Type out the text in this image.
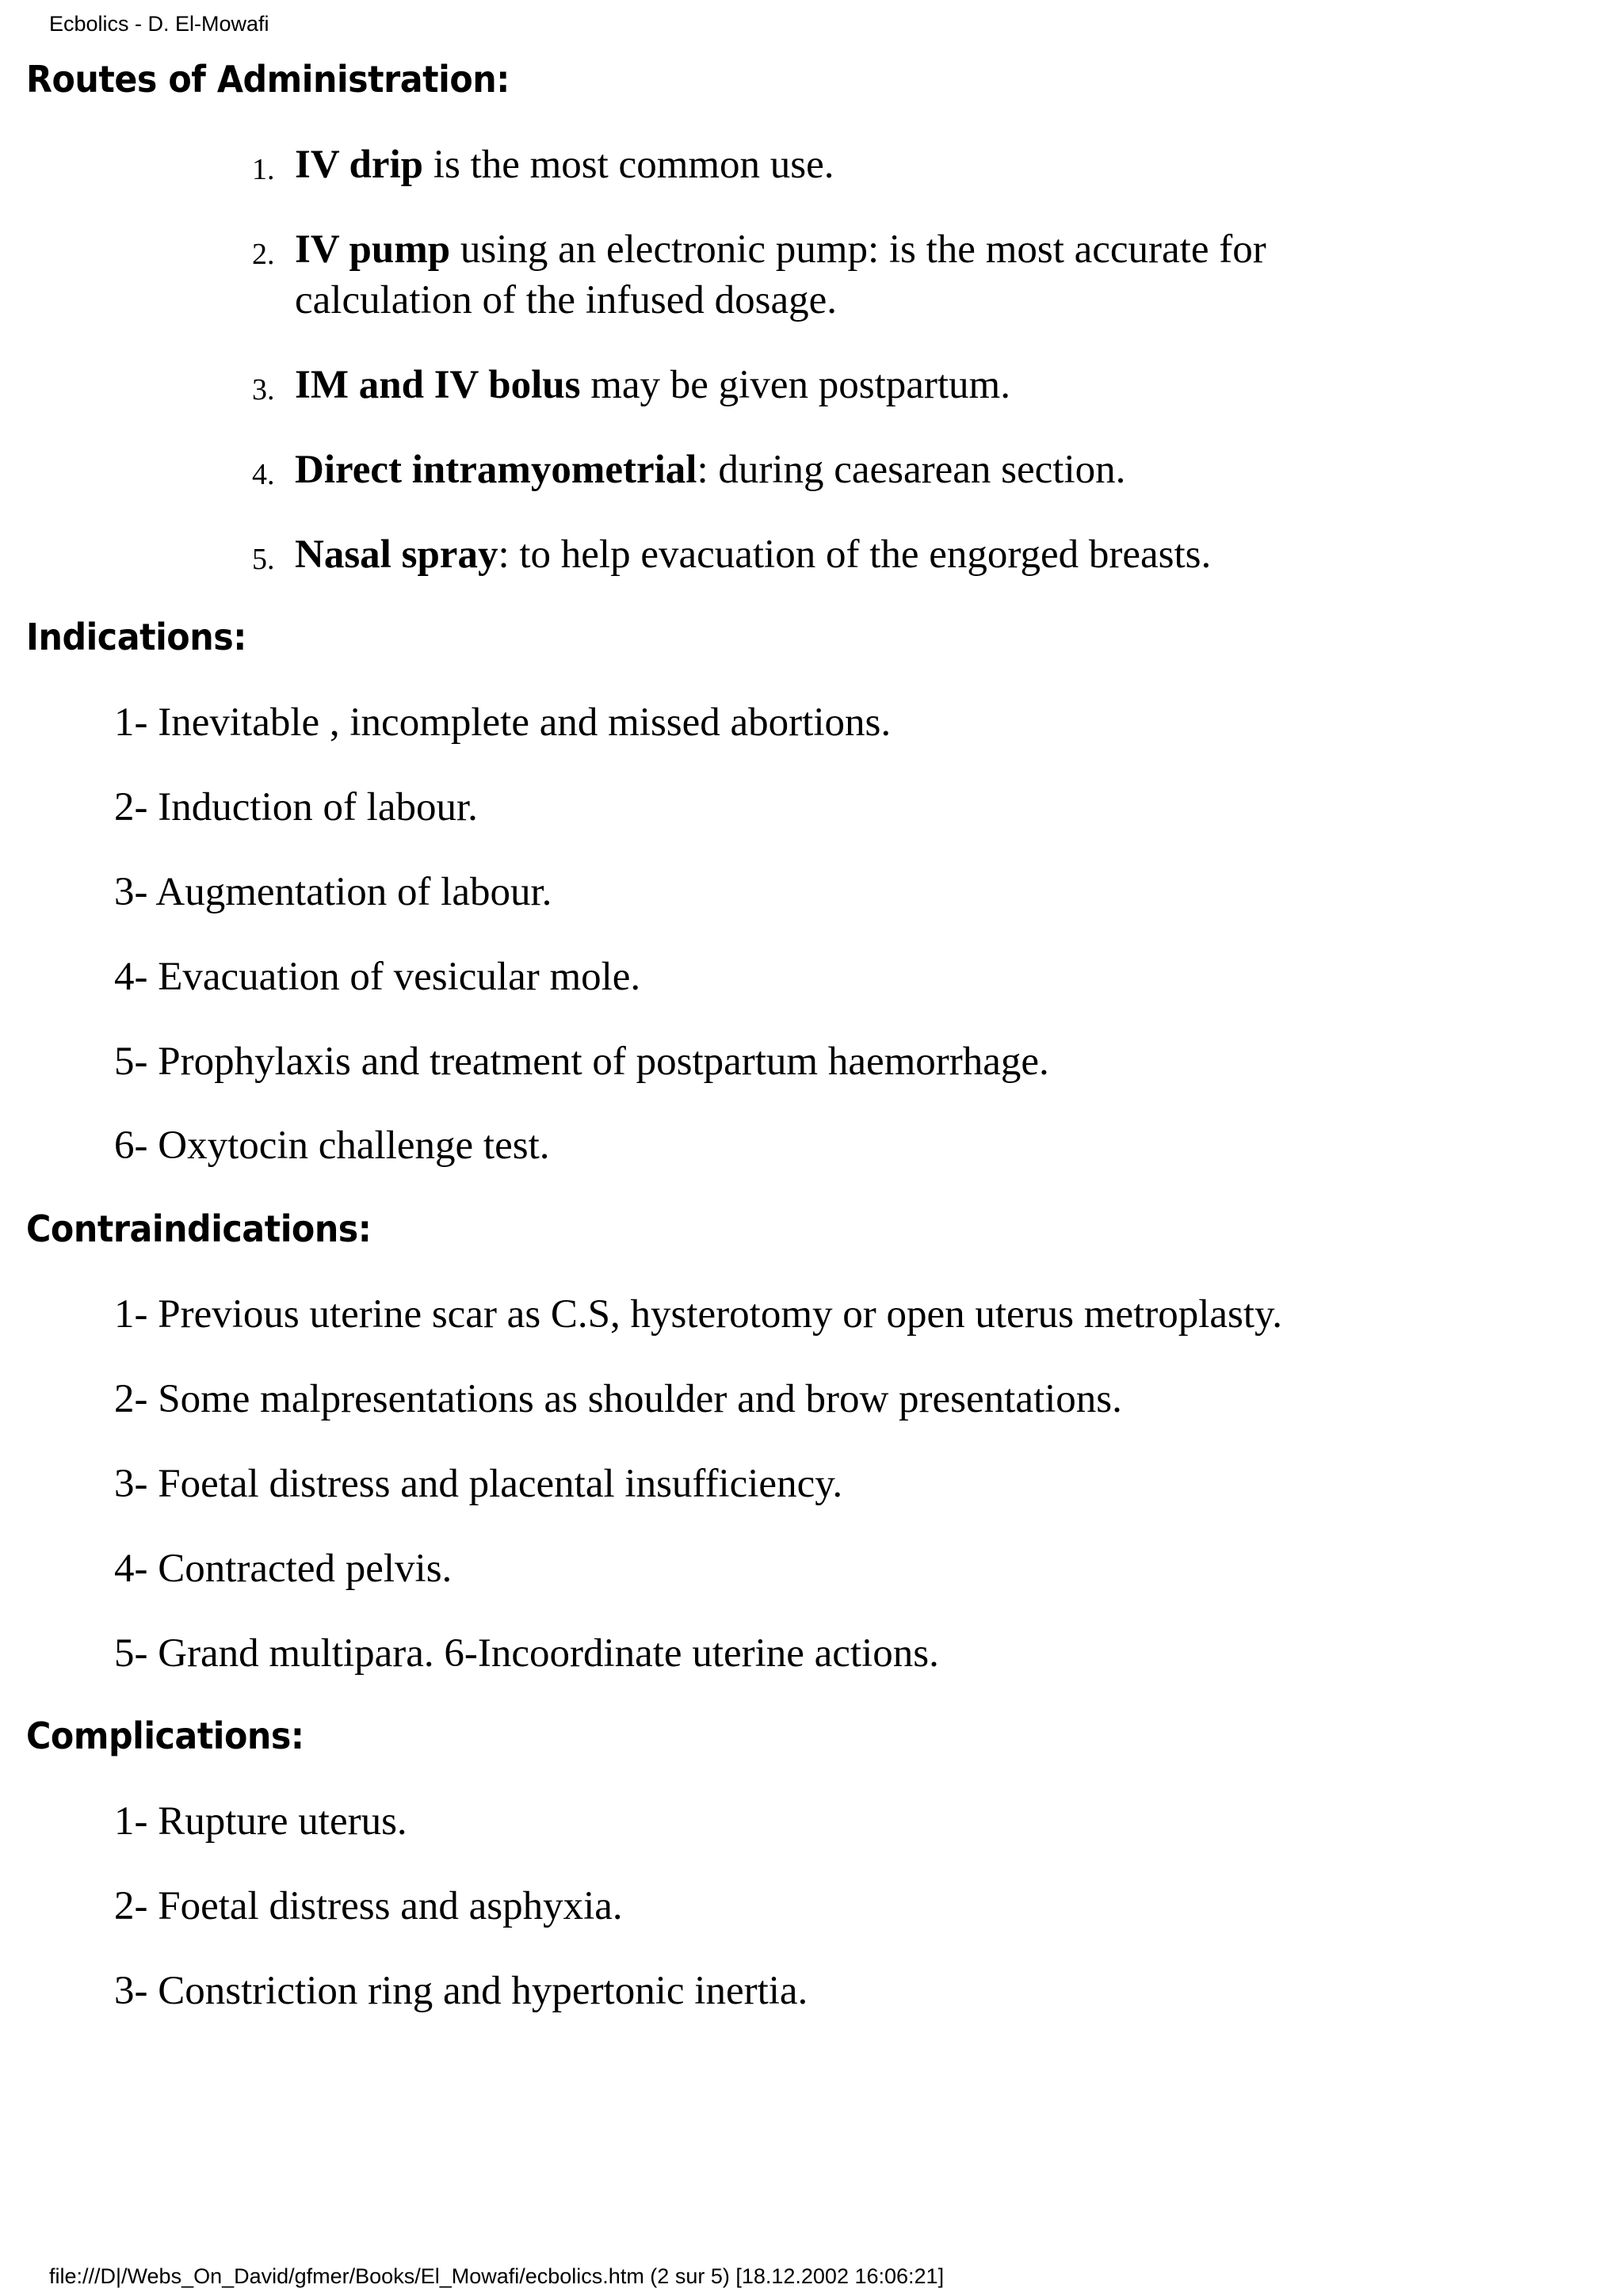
Ecbolics - D. El-Mowafi
Routes of Administration:
1. IV drip is the most common use.
2. IV pump using an electronic pump: is the most accurate for
calculation of the infused dosage.
3. IM and IV bolus may be given postpartum.
4. Direct intramyometrial: during caesarean section.
5. Nasal spray: to help evacuation of the engorged breasts.
Indications:
1- Inevitable , incomplete and missed abortions.
2- Induction of labour.
3- Augmentation of labour.
4- Evacuation of vesicular mole.
5- Prophylaxis and treatment of postpartum haemorrhage.
6- Oxytocin challenge test.
Contraindications:
1- Previous uterine scar as C.S, hysterotomy or open uterus metroplasty.
2- Some malpresentations as shoulder and brow presentations.
3- Foetal distress and placental insufficiency.
4- Contracted pelvis.
5- Grand multipara. 6-Incoordinate uterine actions.
Complications:
1- Rupture uterus.
2- Foetal distress and asphyxia.
3- Constriction ring and hypertonic inertia.
file:///D|/Webs_On_David/gfmer/Books/El_Mowafi/ecbolics.htm (2 sur 5) [18.12.2002 16:06:21]
